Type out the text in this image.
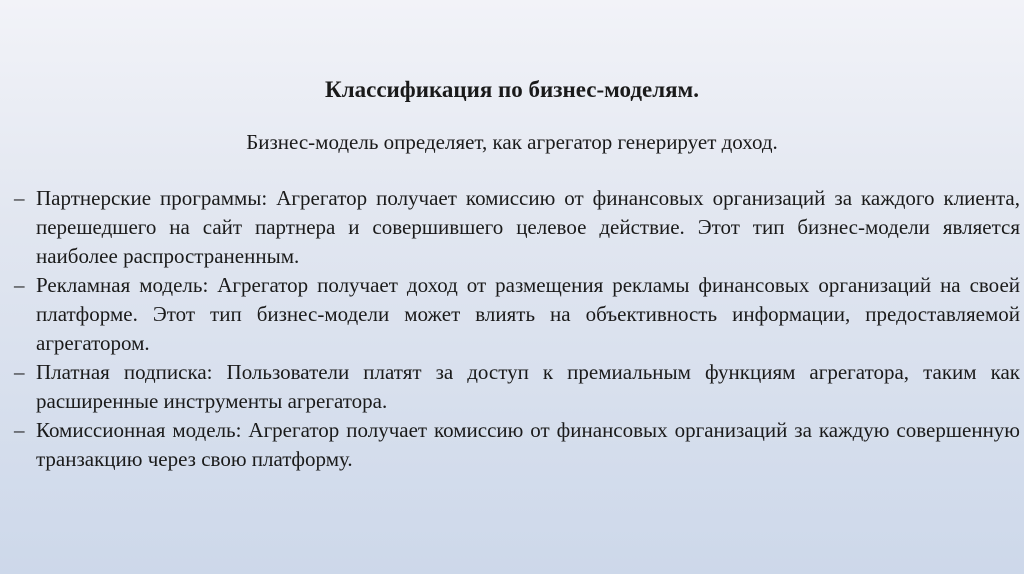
Классификация по бизнес-моделям.

Бизнес-модель определяет, как агрегатор генерирует доход.

– Партнерские программы: Агрегатор получает комиссию от финансовых организаций за каждого клиента, перешедшего на сайт партнера и совершившего целевое действие. Этот тип бизнес-модели является наиболее распространенным.
– Рекламная модель: Агрегатор получает доход от размещения рекламы финансовых организаций на своей платформе. Этот тип бизнес-модели может влиять на объективность информации, предоставляемой агрегатором.
– Платная подписка: Пользователи платят за доступ к премиальным функциям агрегатора, таким как расширенные инструменты агрегатора.
– Комиссионная модель: Агрегатор получает комиссию от финансовых организаций за каждую совершенную транзакцию через свою платформу.
